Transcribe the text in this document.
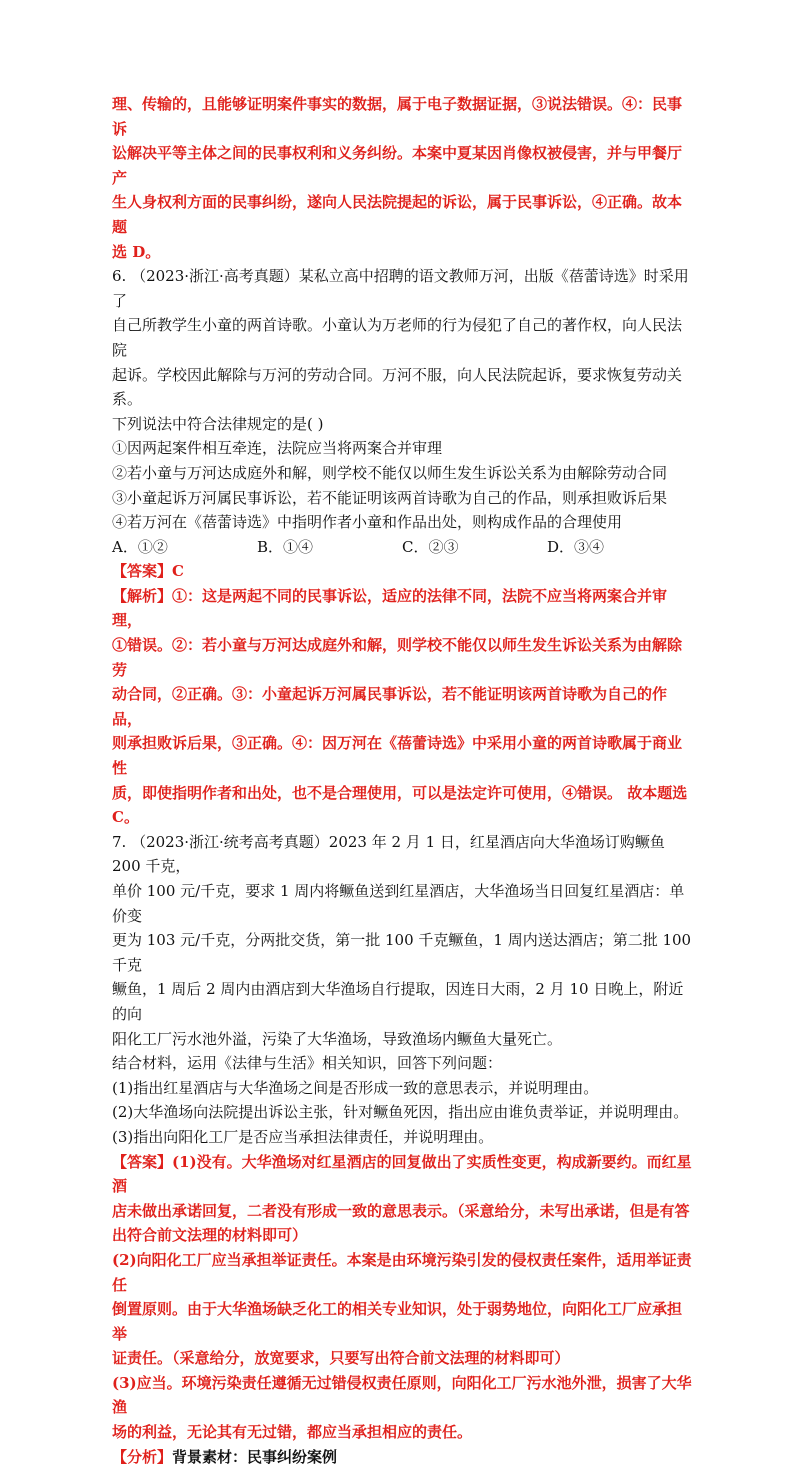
理、传输的，且能够证明案件事实的数据，属于电子数据证据，③说法错误。④：民事诉

讼解决平等主体之间的民事权利和义务纠纷。本案中夏某因肖像权被侵害，并与甲餐厅产

生人身权利方面的民事纠纷，遂向人民法院提起的诉讼，属于民事诉讼，④正确。故本题

选 D。

6. （2023·浙江·高考真题）某私立高中招聘的语文教师万河，出版《蓓蕾诗选》时采用了

自己所教学生小童的两首诗歌。小童认为万老师的行为侵犯了自己的著作权，向人民法院

起诉。学校因此解除与万河的劳动合同。万河不服，向人民法院起诉，要求恢复劳动关系。

下列说法中符合法律规定的是( )

①因两起案件相互牵连，法院应当将两案合并审理

②若小童与万河达成庭外和解，则学校不能仅以师生发生诉讼关系为由解除劳动合同

③小童起诉万河属民事诉讼，若不能证明该两首诗歌为自己的作品，则承担败诉后果

④若万河在《蓓蕾诗选》中指明作者小童和作品出处，则构成作品的合理使用

A．①②	B．①④	C．②③	D．③④

【答案】C

【解析】①：这是两起不同的民事诉讼，适应的法律不同，法院不应当将两案合并审理，

①错误。②：若小童与万河达成庭外和解，则学校不能仅以师生发生诉讼关系为由解除劳

动合同，②正确。③：小童起诉万河属民事诉讼，若不能证明该两首诗歌为自己的作品，

则承担败诉后果，③正确。④：因万河在《蓓蕾诗选》中采用小童的两首诗歌属于商业性

质，即使指明作者和出处，也不是合理使用，可以是法定许可使用，④错误。 故本题选

C。

7. （2023·浙江·统考高考真题）2023 年 2 月 1 日，红星酒店向大华渔场订购鳜鱼 200 千克，

单价 100 元/千克，要求 1 周内将鳜鱼送到红星酒店，大华渔场当日回复红星酒店：单价变

更为 103 元/千克，分两批交货，第一批 100 千克鳜鱼，1 周内送达酒店；第二批 100 千克

鳜鱼，1 周后 2 周内由酒店到大华渔场自行提取，因连日大雨，2 月 10 日晚上，附近的向

阳化工厂污水池外溢，污染了大华渔场，导致渔场内鳜鱼大量死亡。

结合材料，运用《法律与生活》相关知识，回答下列问题：

(1)指出红星酒店与大华渔场之间是否形成一致的意思表示，并说明理由。

(2)大华渔场向法院提出诉讼主张，针对鳜鱼死因，指出应由谁负责举证，并说明理由。

(3)指出向阳化工厂是否应当承担法律责任，并说明理由。

【答案】(1)没有。大华渔场对红星酒店的回复做出了实质性变更，构成新要约。而红星酒

店未做出承诺回复，二者没有形成一致的意思表示。（采意给分，未写出承诺，但是有答

出符合前文法理的材料即可）

(2)向阳化工厂应当承担举证责任。本案是由环境污染引发的侵权责任案件，适用举证责任

倒置原则。由于大华渔场缺乏化工的相关专业知识，处于弱势地位，向阳化工厂应承担举

证责任。（采意给分，放宽要求，只要写出符合前文法理的材料即可）

(3)应当。环境污染责任遵循无过错侵权责任原则，向阳化工厂污水池外泄，损害了大华渔

场的利益，无论其有无过错，都应当承担相应的责任。

【分析】背景素材：民事纠纷案例
